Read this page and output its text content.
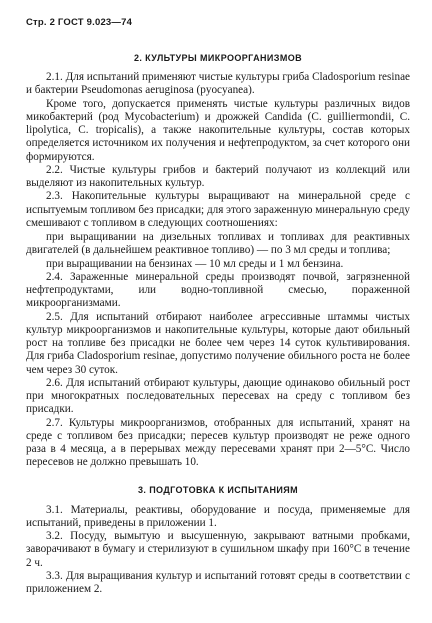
Стр. 2 ГОСТ 9.023—74
2. КУЛЬТУРЫ МИКРООРГАНИЗМОВ

2.1. Для испытаний применяют чистые культуры гриба Cladosporium resinae и бактерии Pseudomonas aeruginosa (pyocyanea).

Кроме того, допускается применять чистые культуры различных видов микобактерий (род Mycobacterium) и дрожжей Candida (C. guilliermondii, C. lipolytica, C. tropicalis), а также накопительные культуры, состав которых определяется источником их получения и нефтепродуктом, за счет которого они формируются.

2.2. Чистые культуры грибов и бактерий получают из коллекций или выделяют из накопительных культур.

2.3. Накопительные культуры выращивают на минеральной среде с испытуемым топливом без присадки; для этого зараженную минеральную среду смешивают с топливом в следующих соотношениях:

при выращивании на дизельных топливах и топливах для реактивных двигателей (в дальнейшем реактивное топливо) — по 3 мл среды и топлива;

при выращивании на бензинах — 10 мл среды и 1 мл бензина.

2.4. Зараженные минеральной среды производят почвой, загрязненной нефтепродуктами, или водно-топливной смесью, пораженной микроорганизмами.

2.5. Для испытаний отбирают наиболее агрессивные штаммы чистых культур микроорганизмов и накопительные культуры, которые дают обильный рост на топливе без присадки не более чем через 14 суток культивирования. Для гриба Cladosporium resinae, допустимо получение обильного роста не более чем через 30 суток.

2.6. Для испытаний отбирают культуры, дающие одинаково обильный рост при многократных последовательных пересевах на среду с топливом без присадки.

2.7. Культуры микроорганизмов, отобранных для испытаний, хранят на среде с топливом без присадки; пересев культур производят не реже одного раза в 4 месяца, а в перерывах между пересевами хранят при 2—5°С. Число пересевов не должно превышать 10.

3. ПОДГОТОВКА К ИСПЫТАНИЯМ

3.1. Материалы, реактивы, оборудование и посуда, применяемые для испытаний, приведены в приложении 1.

3.2. Посуду, вымытую и высушенную, закрывают ватными пробками, заворачивают в бумагу и стерилизуют в сушильном шкафу при 160°С в течение 2 ч.

3.3. Для выращивания культур и испытаний готовят среды в соответствии с приложением 2.
